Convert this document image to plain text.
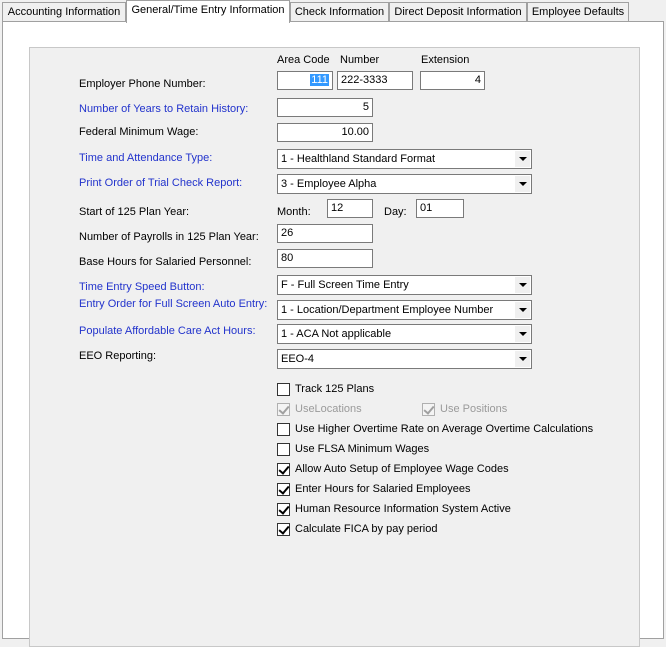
Accounting Information	General/Time Entry Information Check Information Direct Deposit Information Employee Defaults
Area Code Number	Extension
Employer Phone Number:	111	222-3333	4
Number of Years to Retain History:	5
Federal Minimum Wage:	10.00
Time and Attendance Type:	1 - Healthland Standard Format
Print Order of Trial Check Report:	3 - Employee Alpha
Start of 125 Plan Year:	Month:	12	Day:	01
Number of Payrolls in 125 Plan Year:	26
Base Hours for Salaried Personnel:	80
Time Entry Speed Button:	F - Full Screen Time Entry
Entry Order for Full Screen Auto Entry:	1 - Location/Department Employee Number
Populate Affordable Care Act Hours:	1 - ACA Not applicable
EEO Reporting:	EEO-4
Track 125 Plans
UseLocations	Use Positions
Use Higher Overtime Rate on Average Overtime Calculations
Use FLSA Minimum Wages
Allow Auto Setup of Employee Wage Codes
Enter Hours for Salaried Employees
Human Resource Information System Active
Calculate FICA by pay period
